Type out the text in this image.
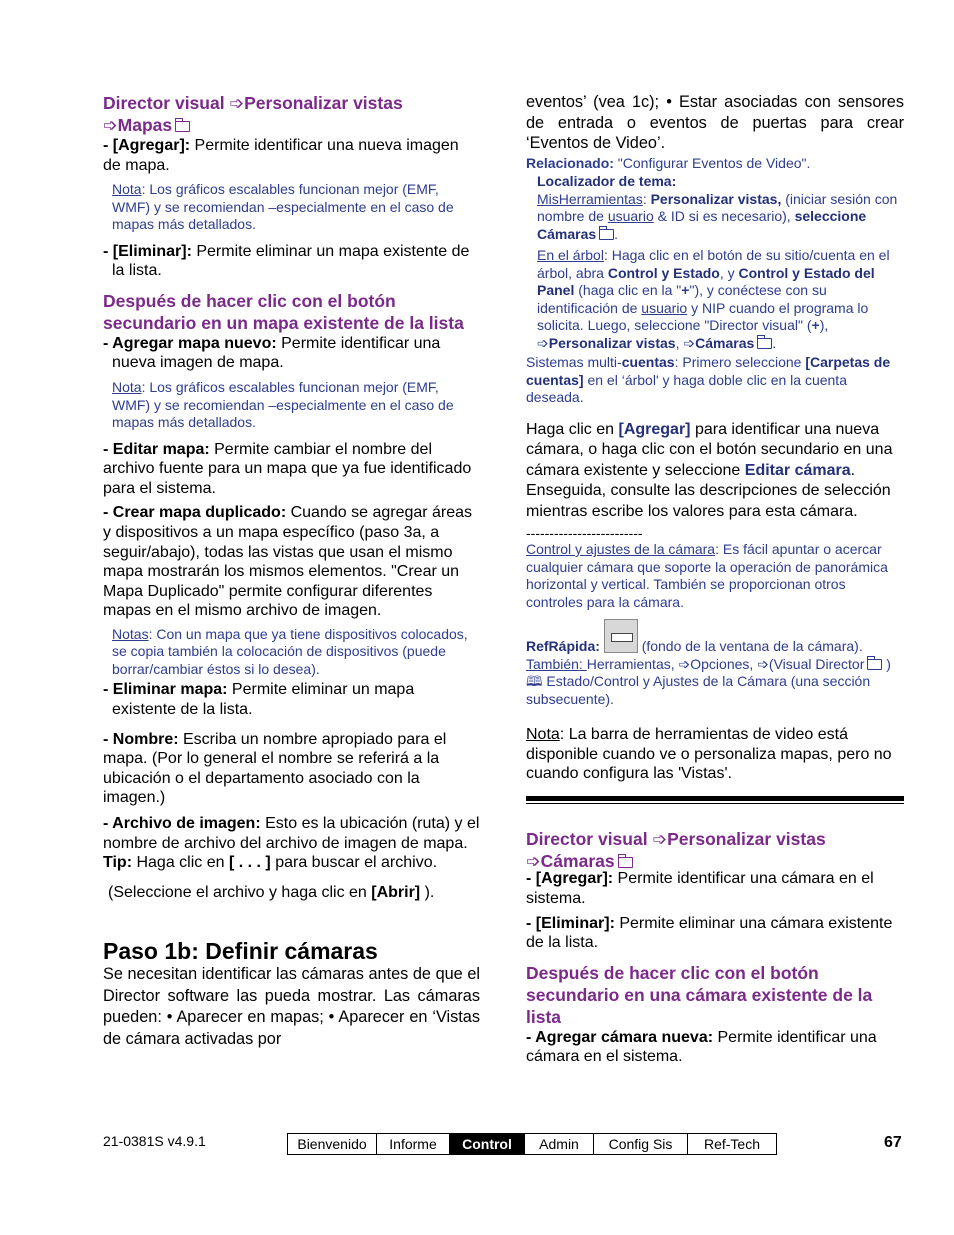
Director visual ➩Personalizar vistas
➩Mapas

- [Agregar]: Permite identificar una nueva imagen de mapa.

Nota: Los gráficos escalables funcionan mejor (EMF, WMF) y se recomiendan –especialmente en el caso de mapas más detallados.

- [Eliminar]: Permite eliminar un mapa existente de la lista.

Después de hacer clic con el botón secundario en un mapa existente de la lista

- Agregar mapa nuevo: Permite identificar una nueva imagen de mapa.

Nota: Los gráficos escalables funcionan mejor (EMF, WMF) y se recomiendan –especialmente en el caso de mapas más detallados.

- Editar mapa: Permite cambiar el nombre del archivo fuente para un mapa que ya fue identificado para el sistema.

- Crear mapa duplicado: Cuando se agregar áreas y dispositivos a un mapa específico (paso 3a, a seguir/abajo), todas las vistas que usan el mismo mapa mostrarán los mismos elementos. "Crear un Mapa Duplicado" permite configurar diferentes mapas en el mismo archivo de imagen.

Notas: Con un mapa que ya tiene dispositivos colocados, se copia también la colocación de dispositivos (puede borrar/cambiar éstos si lo desea).

- Eliminar mapa: Permite eliminar un mapa existente de la lista.

- Nombre: Escriba un nombre apropiado para el mapa. (Por lo general el nombre se referirá a la ubicación o el departamento asociado con la imagen.)

- Archivo de imagen: Esto es la ubicación (ruta) y el nombre de archivo del archivo de imagen de mapa. Tip: Haga clic en [ . . . ] para buscar el archivo.

(Seleccione el archivo y haga clic en [Abrir] ).

Paso 1b: Definir cámaras

Se necesitan identificar las cámaras antes de que el Director software las pueda mostrar. Las cámaras pueden: • Aparecer en mapas; • Aparecer en ‘Vistas de cámara activadas por

eventos’ (vea 1c); • Estar asociadas con sensores de entrada o eventos de puertas para crear ‘Eventos de Video’.

Relacionado: "Configurar Eventos de Video".

Localizador de tema:
MisHerramientas: Personalizar vistas, (iniciar sesión con nombre de usuario & ID si es necesario), seleccione Cámaras .
En el árbol: Haga clic en el botón de su sitio/cuenta en el árbol, abra Control y Estado, y Control y Estado del Panel (haga clic en la "+"), y conéctese con su identificación de usuario y NIP cuando el programa lo solicita. Luego, seleccione "Director visual" (+), ➩Personalizar vistas, ➩Cámaras .

Sistemas multi-cuentas: Primero seleccione [Carpetas de cuentas] en el ‘árbol' y haga doble clic en la cuenta deseada.

Haga clic en [Agregar] para identificar una nueva cámara, o haga clic con el botón secundario en una cámara existente y seleccione Editar cámara. Enseguida, consulte las descripciones de selección mientras escribe los valores para esta cámara.

-------------------------

Control y ajustes de la cámara: Es fácil apuntar o acercar cualquier cámara que soporte la operación de panorámica horizontal y vertical. También se proporcionan otros controles para la cámara.

RefRápida:	(fondo de la ventana de la cámara).
También: Herramientas, ➩Opciones, ➩(Visual Director )
🕮 Estado/Control y Ajustes de la Cámara (una sección subsecuente).

Nota: La barra de herramientas de video está disponible cuando ve o personaliza mapas, pero no cuando configura las 'Vistas'.

Director visual ➩Personalizar vistas
➩Cámaras

- [Agregar]: Permite identificar una cámara en el sistema.

- [Eliminar]: Permite eliminar una cámara existente de la lista.

Después de hacer clic con el botón secundario en una cámara existente de la lista

- Agregar cámara nueva: Permite identificar una cámara en el sistema.

21-0381S v4.9.1	Bienvenido	Informe	Control	Admin	Config Sis	Ref-Tech	67
